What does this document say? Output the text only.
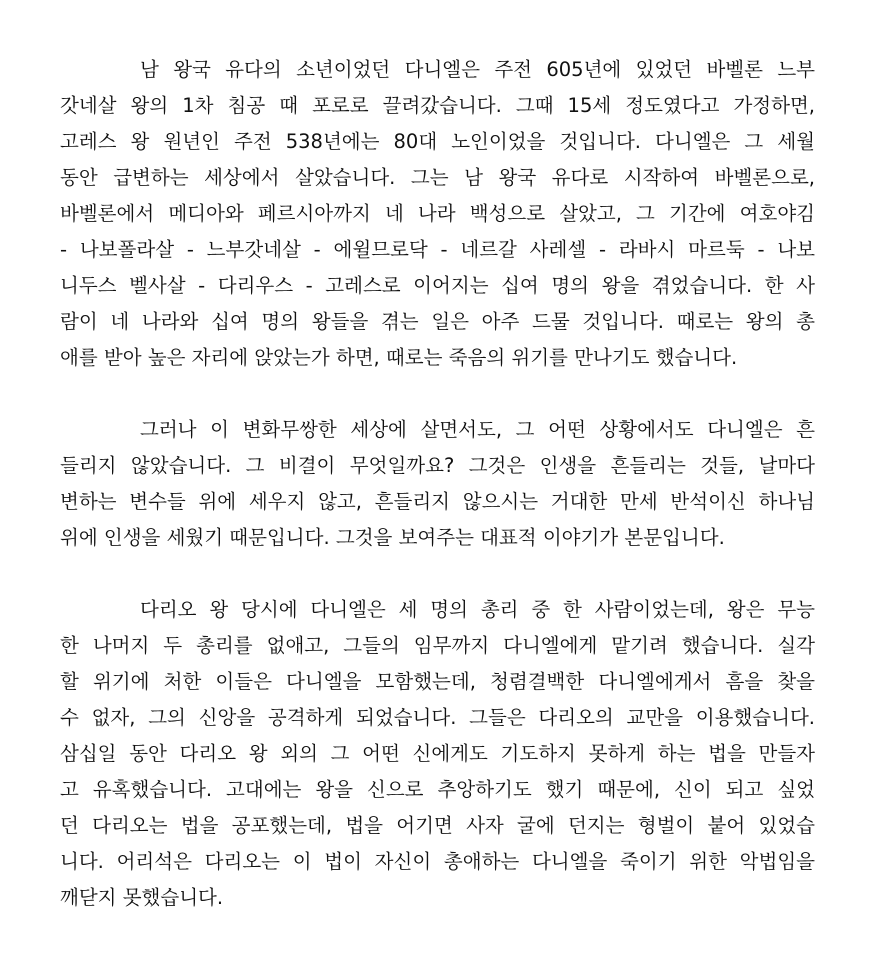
남 왕국 유다의 소년이었던 다니엘은 주전 605년에 있었던 바벨론 느부
갓네살 왕의 1차 침공 때 포로로 끌려갔습니다. 그때 15세 정도였다고 가정하면,
고레스 왕 원년인 주전 538년에는 80대 노인이었을 것입니다. 다니엘은 그 세월
동안 급변하는 세상에서 살았습니다. 그는 남 왕국 유다로 시작하여 바벨론으로,
바벨론에서 메디아와 페르시아까지 네 나라 백성으로 살았고, 그 기간에 여호야김
- 나보폴라살 - 느부갓네살 - 에윌므로닥 - 네르갈 사레셀 - 라바시 마르둑 - 나보
니두스 벨사살 - 다리우스 - 고레스로 이어지는 십여 명의 왕을 겪었습니다. 한 사
람이 네 나라와 십여 명의 왕들을 겪는 일은 아주 드물 것입니다. 때로는 왕의 총
애를 받아 높은 자리에 앉았는가 하면, 때로는 죽음의 위기를 만나기도 했습니다.
그러나 이 변화무쌍한 세상에 살면서도, 그 어떤 상황에서도 다니엘은 흔
들리지 않았습니다. 그 비결이 무엇일까요? 그것은 인생을 흔들리는 것들, 날마다
변하는 변수들 위에 세우지 않고, 흔들리지 않으시는 거대한 만세 반석이신 하나님
위에 인생을 세웠기 때문입니다. 그것을 보여주는 대표적 이야기가 본문입니다.
다리오 왕 당시에 다니엘은 세 명의 총리 중 한 사람이었는데, 왕은 무능
한 나머지 두 총리를 없애고, 그들의 임무까지 다니엘에게 맡기려 했습니다. 실각
할 위기에 처한 이들은 다니엘을 모함했는데, 청렴결백한 다니엘에게서 흠을 찾을
수 없자, 그의 신앙을 공격하게 되었습니다. 그들은 다리오의 교만을 이용했습니다.
삼십일 동안 다리오 왕 외의 그 어떤 신에게도 기도하지 못하게 하는 법을 만들자
고 유혹했습니다. 고대에는 왕을 신으로 추앙하기도 했기 때문에, 신이 되고 싶었
던 다리오는 법을 공포했는데, 법을 어기면 사자 굴에 던지는 형벌이 붙어 있었습
니다. 어리석은 다리오는 이 법이 자신이 총애하는 다니엘을 죽이기 위한 악법임을
깨닫지 못했습니다.
